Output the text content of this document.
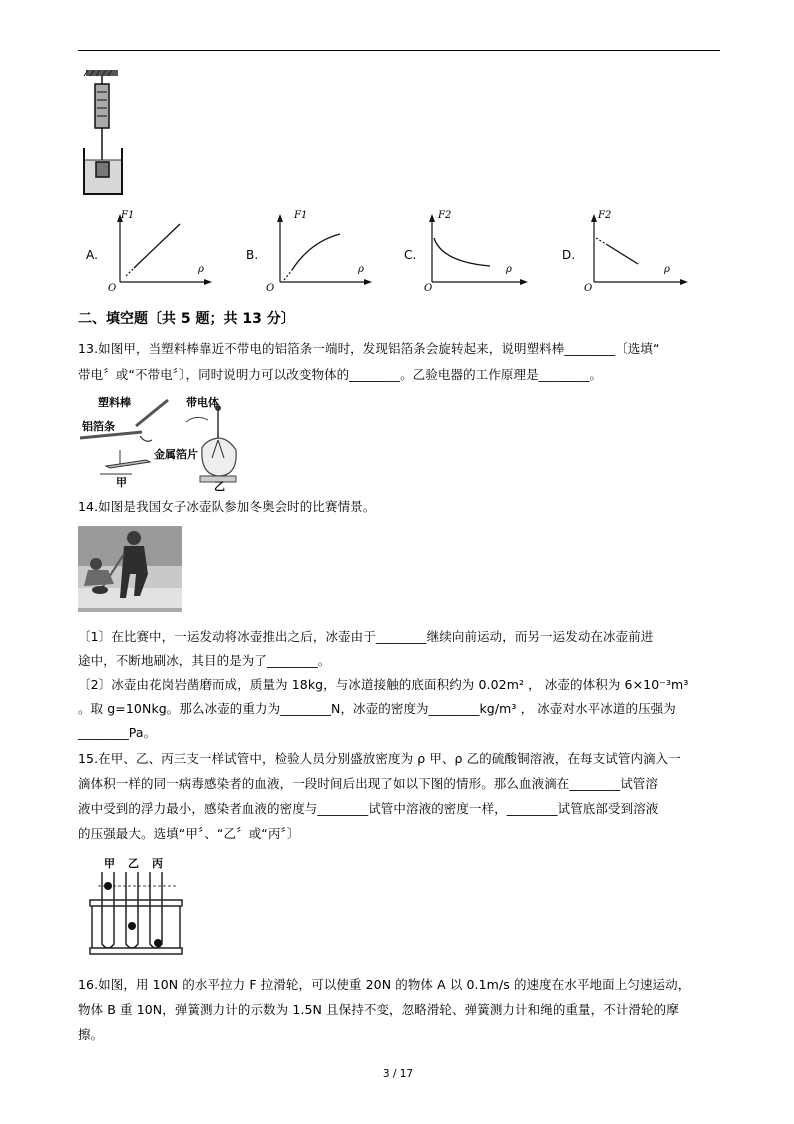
A.
F1
ρ
O
B.
F1
ρ
O
C.
F2
ρ
O
D.
F2
ρ
O
二、填空题〔共 5 题；共 13 分〕
13.如图甲，当塑料棒靠近不带电的铝箔条一端时，发现铝箔条会旋转起来，说明塑料棒________〔选填“
带电〞或“不带电〞〕，同时说明力可以改变物体的________。乙验电器的工作原理是________。
塑料棒
铝箔条
带电体
金属箔片
甲	乙
14.如图是我国女子冰壶队参加冬奥会时的比赛情景。
〔1〕在比赛中，一运发动将冰壶推出之后，冰壶由于________继续向前运动，而另一运发动在冰壶前进
途中，不断地刷冰，其目的是为了________。
〔2〕冰壶由花岗岩凿磨而成，质量为 18kg，与冰道接触的底面积约为 0.02m² ， 冰壶的体积为 6×10⁻³m³
。取 g=10Nkg。那么冰壶的重力为________N，冰壶的密度为________kg/m³ ， 冰壶对水平冰道的压强为
________Pa。
15.在甲、乙、丙三支一样试管中，检验人员分别盛放密度为 ρ 甲、ρ 乙的硫酸铜溶液，在每支试管内滴入一
滴体积一样的同一病毒感染者的血液，一段时间后出现了如以下图的情形。那么血液滴在________试管溶
液中受到的浮力最小，感染者血液的密度与________试管中溶液的密度一样，________试管底部受到溶液
的压强最大。选填“甲〞、“乙〞或“丙〞〕
甲 乙 丙
16.如图，用 10N 的水平拉力 F 拉滑轮，可以使重 20N 的物体 A 以 0.1m/s 的速度在水平地面上匀速运动，
物体 B 重 10N，弹簧测力计的示数为 1.5N 且保持不变，忽略滑轮、弹簧测力计和绳的重量，不计滑轮的摩
擦。
3 / 17
